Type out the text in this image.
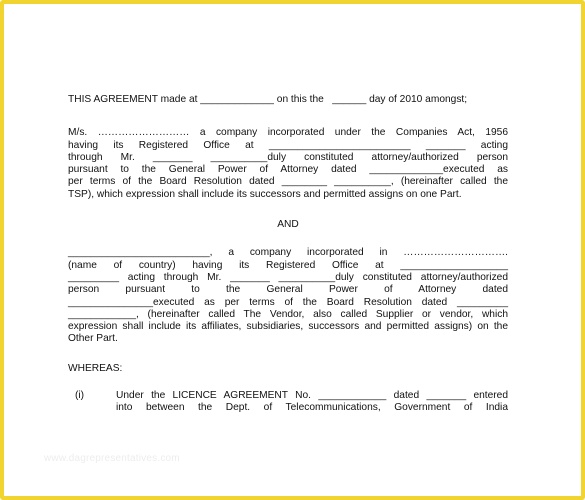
THIS AGREEMENT made at _____________ on this the   ______ day of 2010 amongst;
M/s. ……………………… a company incorporated under the Companies Act, 1956
having its Registered Office at _________________________ _______ acting
through Mr. _______ __________duly constituted attorney/authorized person
pursuant to the General Power of Attorney dated _____________executed as
per terms of the Board Resolution dated ________ __________, (hereinafter called the
TSP), which expression shall include its successors and permitted assigns on one Part.
AND
_________________________, a company incorporated in ………………………….
(name of country) having its Registered Office at ___________________
_________ acting through Mr. _______ __________duly constituted attorney/authorized
person pursuant to the General Power of Attorney dated
_______________executed as per terms of the Board Resolution dated _________
____________, (hereinafter called The Vendor, also called Supplier or vendor, which
expression shall include its affiliates, subsidiaries, successors and permitted assigns) on the
Other Part.
WHEREAS:
(i)	Under the LICENCE AGREEMENT No. ____________ dated _______ entered
into between the Dept. of Telecommunications, Government of India
www.dagrepresentatives.com
